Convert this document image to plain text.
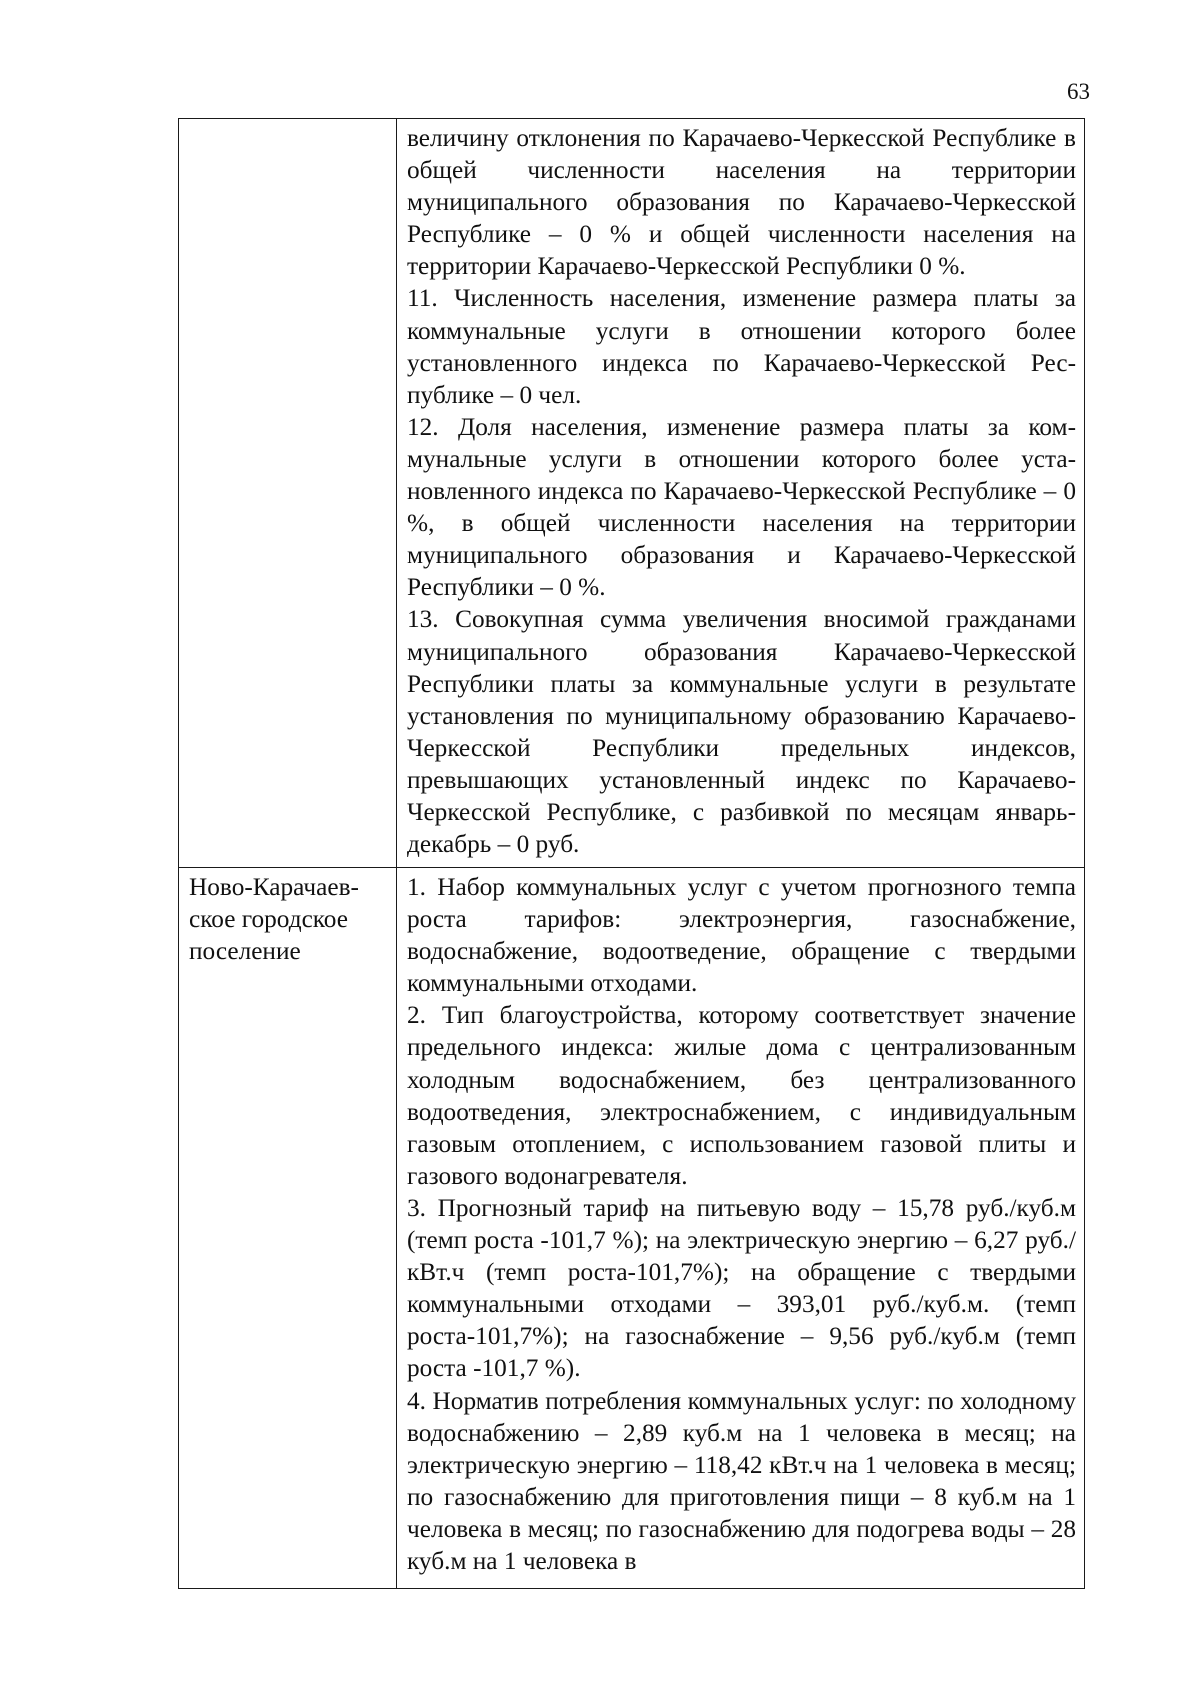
63

	величину отклонения по Карачаево-Черкесской Республике в общей численности населения на территории муниципального образования по Карачаево-Черкесской Республике – 0 % и общей численности населения на территории Карачаево-Черкесской Республики 0 %.

11. Численность населения, изменение размера платы за коммунальные услуги в отношении которого более установленного индекса по Карачаево-Черкесской Республике – 0 чел.

12. Доля населения, изменение размера платы за коммунальные услуги в отношении которого более установленного индекса по Карачаево-Черкесской Республике – 0 %, в общей численности населения на территории муниципального образования и Карачаево-Черкесской Республики – 0 %.

13. Совокупная сумма увеличения вносимой гражданами муниципального образования Карачаево-Черкесской Республики платы за коммунальные услуги в результате установления по муниципальному образованию Карачаево-Черкесской Республики предельных индексов, превышающих установленный индекс по Карачаево-Черкесской Республике, с разбивкой по месяцам январь-декабрь – 0 руб.

Ново-Карачаевское городское поселение	1. Набор коммунальных услуг с учетом прогнозного темпа роста тарифов: электроэнергия, газоснабжение, водоснабжение, водоотведение, обращение с твердыми коммунальными отходами.

2. Тип благоустройства, которому соответствует значение предельного индекса: жилые дома с централизованным холодным водоснабжением, без централизованного водоотведения, электроснабжением, с индивидуальным газовым отоплением, с использованием газовой плиты и газового водонагревателя.

3. Прогнозный тариф на питьевую воду – 15,78 руб./куб.м (темп роста -101,7 %); на электрическую энергию – 6,27 руб./кВт.ч (темп роста-101,7%); на обращение с твердыми коммунальными отходами – 393,01 руб./куб.м. (темп роста-101,7%); на газоснабжение – 9,56 руб./куб.м (темп роста -101,7 %).

4. Норматив потребления коммунальных услуг: по холодному водоснабжению – 2,89 куб.м на 1 человека в месяц; на электрическую энергию – 118,42 кВт.ч на 1 человека в месяц; по газоснабжению для приготовления пищи – 8 куб.м на 1 человека в месяц; по газоснабжению для подогрева воды – 28 куб.м на 1 человека в
